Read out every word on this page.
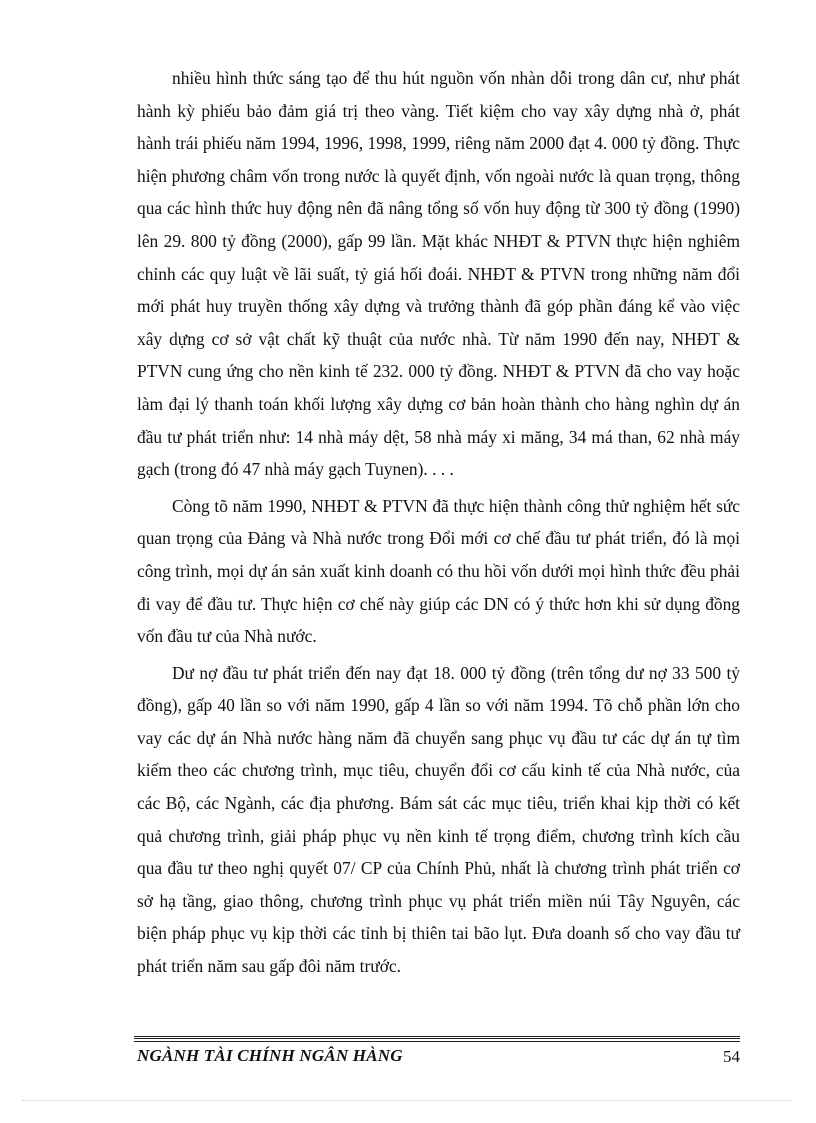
nhiều hình thức sáng tạo để thu hút nguồn vốn nhàn dỗi trong dân cư, như phát hành kỳ phiếu bảo đảm giá trị theo vàng. Tiết kiệm cho vay xây dựng nhà ở, phát hành trái phiếu năm 1994, 1996, 1998, 1999, riêng năm 2000 đạt 4. 000 tỷ đồng. Thực hiện phương châm vốn trong nước là quyết định, vốn ngoài nước là quan trọng, thông qua các hình thức huy động nên đã nâng tổng số vốn huy động từ 300 tỷ đồng (1990) lên 29. 800 tỷ đồng (2000), gấp 99 lần. Mặt khác NHĐT & PTVN thực hiện nghiêm chỉnh các quy luật về lãi suất, tỷ giá hối đoái. NHĐT & PTVN trong những năm đổi mới phát huy truyền thống xây dựng và trưởng thành đã góp phần đáng kể vào việc xây dựng cơ sở vật chất kỹ thuật của nước nhà. Từ năm 1990 đến nay, NHĐT & PTVN cung ứng cho nền kinh tế 232. 000 tỷ đồng. NHĐT & PTVN đã cho vay hoặc làm đại lý thanh toán khối lượng xây dựng cơ bản hoàn thành cho hàng nghìn dự án đầu tư phát triển như: 14 nhà máy dệt, 58 nhà máy xi măng, 34 má than, 62 nhà máy gạch (trong đó 47 nhà máy gạch Tuynen). . . .

Còng tõ năm 1990, NHĐT & PTVN đã thực hiện thành công thử nghiệm hết sức quan trọng của Đảng và Nhà nước trong Đổi mới cơ chế đầu tư phát triển, đó là mọi công trình, mọi dự án sản xuất kinh doanh có thu hồi vốn dưới mọi hình thức đều phải đi vay để đầu tư. Thực hiện cơ chế này giúp các DN có ý thức hơn khi sử dụng đồng vốn đầu tư của Nhà nước.

Dư nợ đầu tư phát triển đến nay đạt 18. 000 tỷ đồng (trên tổng dư nợ 33 500 tỷ đồng), gấp 40 lần so với năm 1990, gấp 4 lần so với năm 1994. Tõ chỗ phần lớn cho vay các dự án Nhà nước hàng năm đã chuyển sang phục vụ đầu tư các dự án tự tìm kiếm theo các chương trình, mục tiêu, chuyển đổi cơ cấu kinh tế của Nhà nước, của các Bộ, các Ngành, các địa phương. Bám sát các mục tiêu, triển khai kịp thời có kết quả chương trình, giải pháp phục vụ nền kinh tế trọng điểm, chương trình kích cầu qua đầu tư theo nghị quyết 07/ CP của Chính Phủ, nhất là chương trình phát triển cơ sở hạ tầng, giao thông, chương trình phục vụ phát triển miền núi Tây Nguyên, các biện pháp phục vụ kịp thời các tỉnh bị thiên tai bão lụt. Đưa doanh số cho vay đầu tư phát triển năm sau gấp đôi năm trước.

NGÀNH TÀI CHÍNH NGÂN HÀNG	54
